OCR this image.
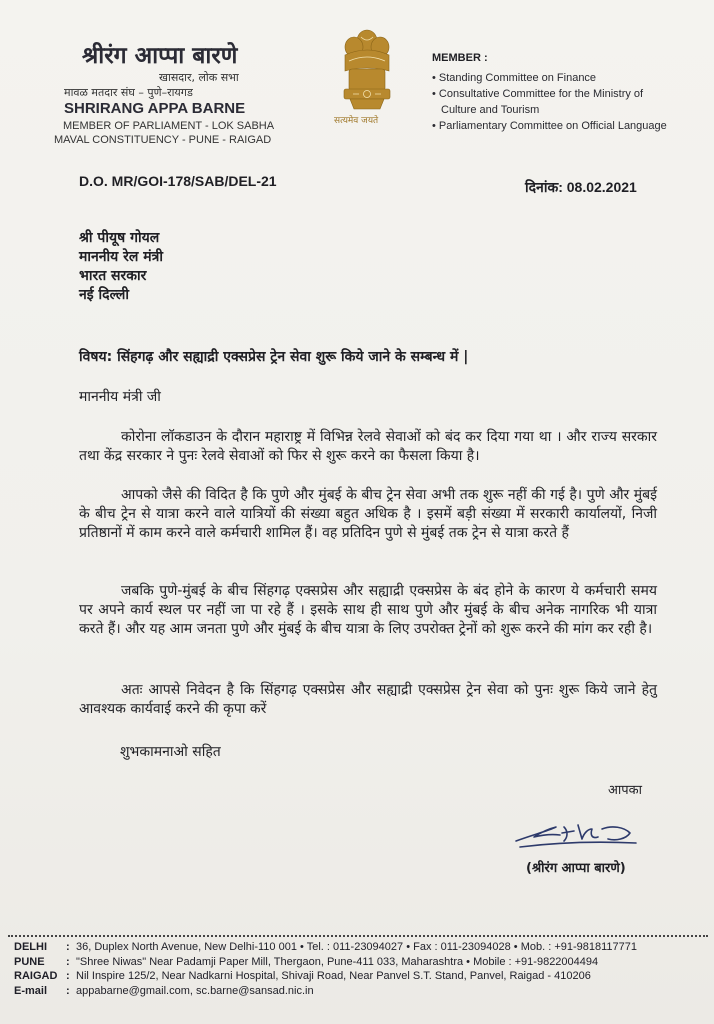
श्रीरंग आप्पा बारणे
खासदार, लोक सभा
मावळ मतदार संघ – पुणे–रायगड
SHRIRANG APPA BARNE
MEMBER OF PARLIAMENT - LOK SABHA
MAVAL CONSTITUENCY - PUNE - RAIGAD
सत्यमेव जयते
MEMBER :
• Standing Committee on Finance
• Consultative Committee for the Ministry of
Culture and Tourism
• Parliamentary Committee on Official Language
D.O. MR/GOI-178/SAB/DEL-21	दिनांक: 08.02.2021
श्री पीयूष गोयल
माननीय रेल मंत्री
भारत सरकार
नई दिल्ली
विषय: सिंहगढ़ और सह्याद्री एक्सप्रेस ट्रेन सेवा शुरू किये जाने के सम्बन्ध में |
माननीय मंत्री जी

कोरोना लॉकडाउन के दौरान महाराष्ट्र में विभिन्न रेलवे सेवाओं को बंद कर दिया गया था । और राज्य सरकार तथा केंद्र सरकार ने पुनः रेलवे सेवाओं को फिर से शुरू करने का फैसला किया है।

आपको जैसे की विदित है कि पुणे और मुंबई के बीच ट्रेन सेवा अभी तक शुरू नहीं की गई है। पुणे और मुंबई के बीच ट्रेन से यात्रा करने वाले यात्रियों की संख्या बहुत अधिक है । इसमें बड़ी संख्या में सरकारी कार्यालयों, निजी प्रतिष्ठानों में काम करने वाले कर्मचारी शामिल हैं। वह प्रतिदिन पुणे से मुंबई तक ट्रेन से यात्रा करते हैं

जबकि पुणे-मुंबई के बीच सिंहगढ़ एक्सप्रेस और सह्याद्री एक्सप्रेस के बंद होने के कारण ये कर्मचारी समय पर अपने कार्य स्थल पर नहीं जा पा रहे हैं । इसके साथ ही साथ पुणे और मुंबई के बीच अनेक नागरिक भी यात्रा करते हैं। और यह आम जनता पुणे और मुंबई के बीच यात्रा के लिए उपरोक्त ट्रेनों को शुरू करने की मांग कर रही है।

अतः आपसे निवेदन है कि सिंहगढ़ एक्सप्रेस और सह्याद्री एक्सप्रेस ट्रेन सेवा को पुनः शुरू किये जाने हेतु आवश्यक कार्यवाई करने की कृपा करें

शुभकामनाओ सहित
आपका
(श्रीरंग आप्पा बारणे)
DELHI	: 36, Duplex North Avenue, New Delhi-110 001 • Tel. : 011-23094027 • Fax : 011-23094028 • Mob. : +91-9818117771
PUNE	: "Shree Niwas" Near Padamji Paper Mill, Thergaon, Pune-411 033, Maharashtra • Mobile : +91-9822004494
RAIGAD : Nil Inspire 125/2, Near Nadkarni Hospital, Shivaji Road, Near Panvel S.T. Stand, Panvel, Raigad - 410206
E-mail	: appabarne@gmail.com, sc.barne@sansad.nic.in
